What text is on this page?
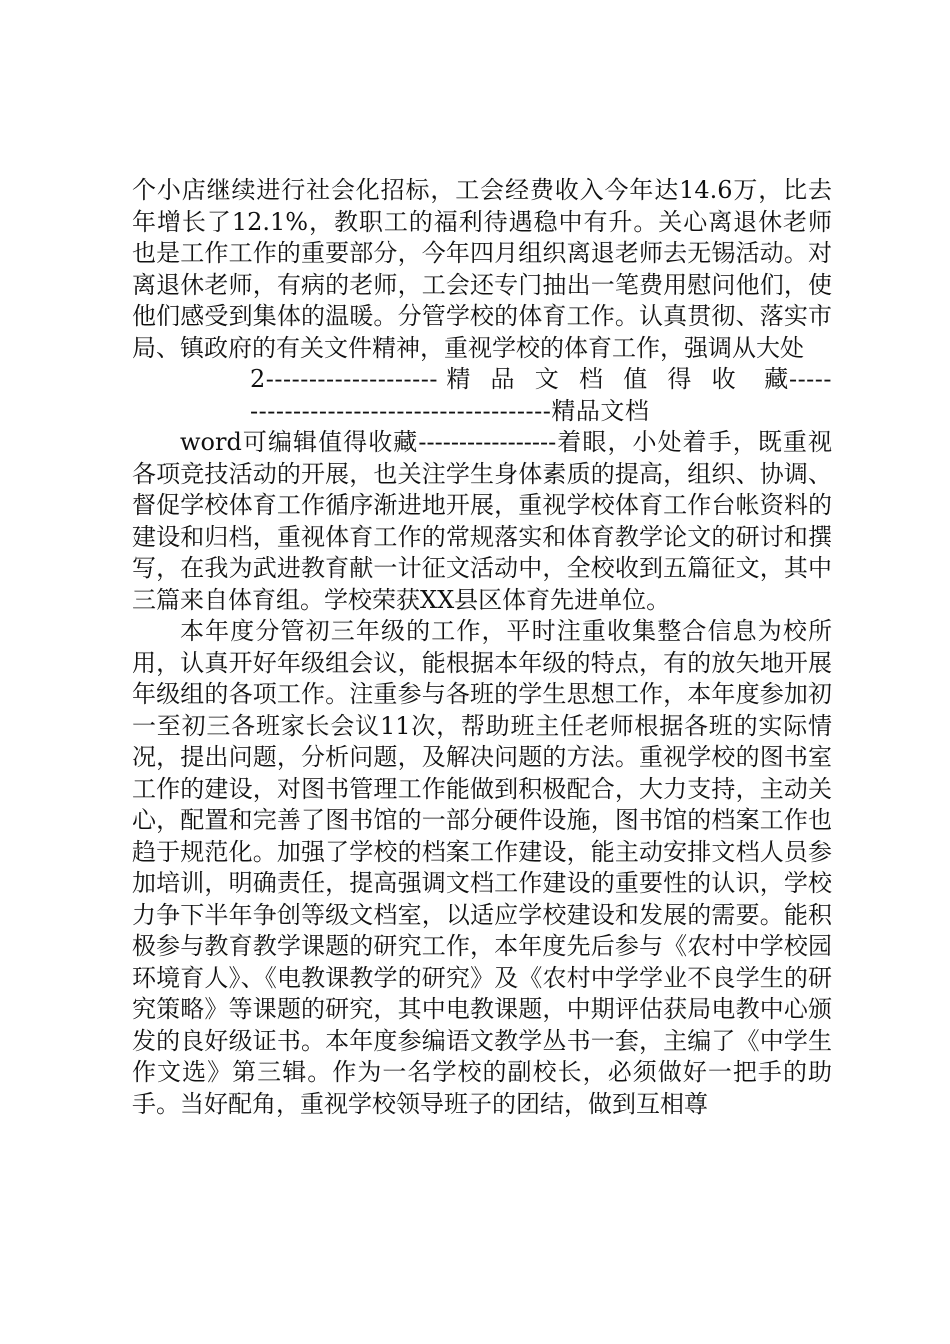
个小店继续进行社会化招标，工会经费收入今年达14.6万，比去年增长了12.1%，教职工的福利待遇稳中有升。关心离退休老师也是工作工作的重要部分，今年四月组织离退老师去无锡活动。对离退休老师，有病的老师，工会还专门抽出一笔费用慰问他们，使他们感受到集体的温暖。分管学校的体育工作。认真贯彻、落实市局、镇政府的有关文件精神，重视学校的体育工作，强调从大处

2-------------------- 精品文档值得收 藏----------------------------------------精品文档

word可编辑值得收藏-----------------着眼，小处着手，既重视各项竞技活动的开展，也关注学生身体素质的提高，组织、协调、督促学校体育工作循序渐进地开展，重视学校体育工作台帐资料的建设和归档，重视体育工作的常规落实和体育教学论文的研讨和撰写，在我为武进教育献一计征文活动中，全校收到五篇征文，其中三篇来自体育组。学校荣获XX县区体育先进单位。

本年度分管初三年级的工作，平时注重收集整合信息为校所用，认真开好年级组会议，能根据本年级的特点，有的放矢地开展年级组的各项工作。注重参与各班的学生思想工作，本年度参加初一至初三各班家长会议11次，帮助班主任老师根据各班的实际情况，提出问题，分析问题，及解决问题的方法。重视学校的图书室工作的建设，对图书管理工作能做到积极配合，大力支持，主动关心，配置和完善了图书馆的一部分硬件设施，图书馆的档案工作也趋于规范化。加强了学校的档案工作建设，能主动安排文档人员参加培训，明确责任，提高强调文档工作建设的重要性的认识，学校力争下半年争创等级文档室，以适应学校建设和发展的需要。能积极参与教育教学课题的研究工作，本年度先后参与《农村中学校园环境育人》、《电教课教学的研究》及《农村中学学业不良学生的研究策略》等课题的研究，其中电教课题，中期评估获局电教中心颁发的良好级证书。本年度参编语文教学丛书一套，主编了《中学生作文选》第三辑。作为一名学校的副校长，必须做好一把手的助手。当好配角，重视学校领导班子的团结，做到互相尊
